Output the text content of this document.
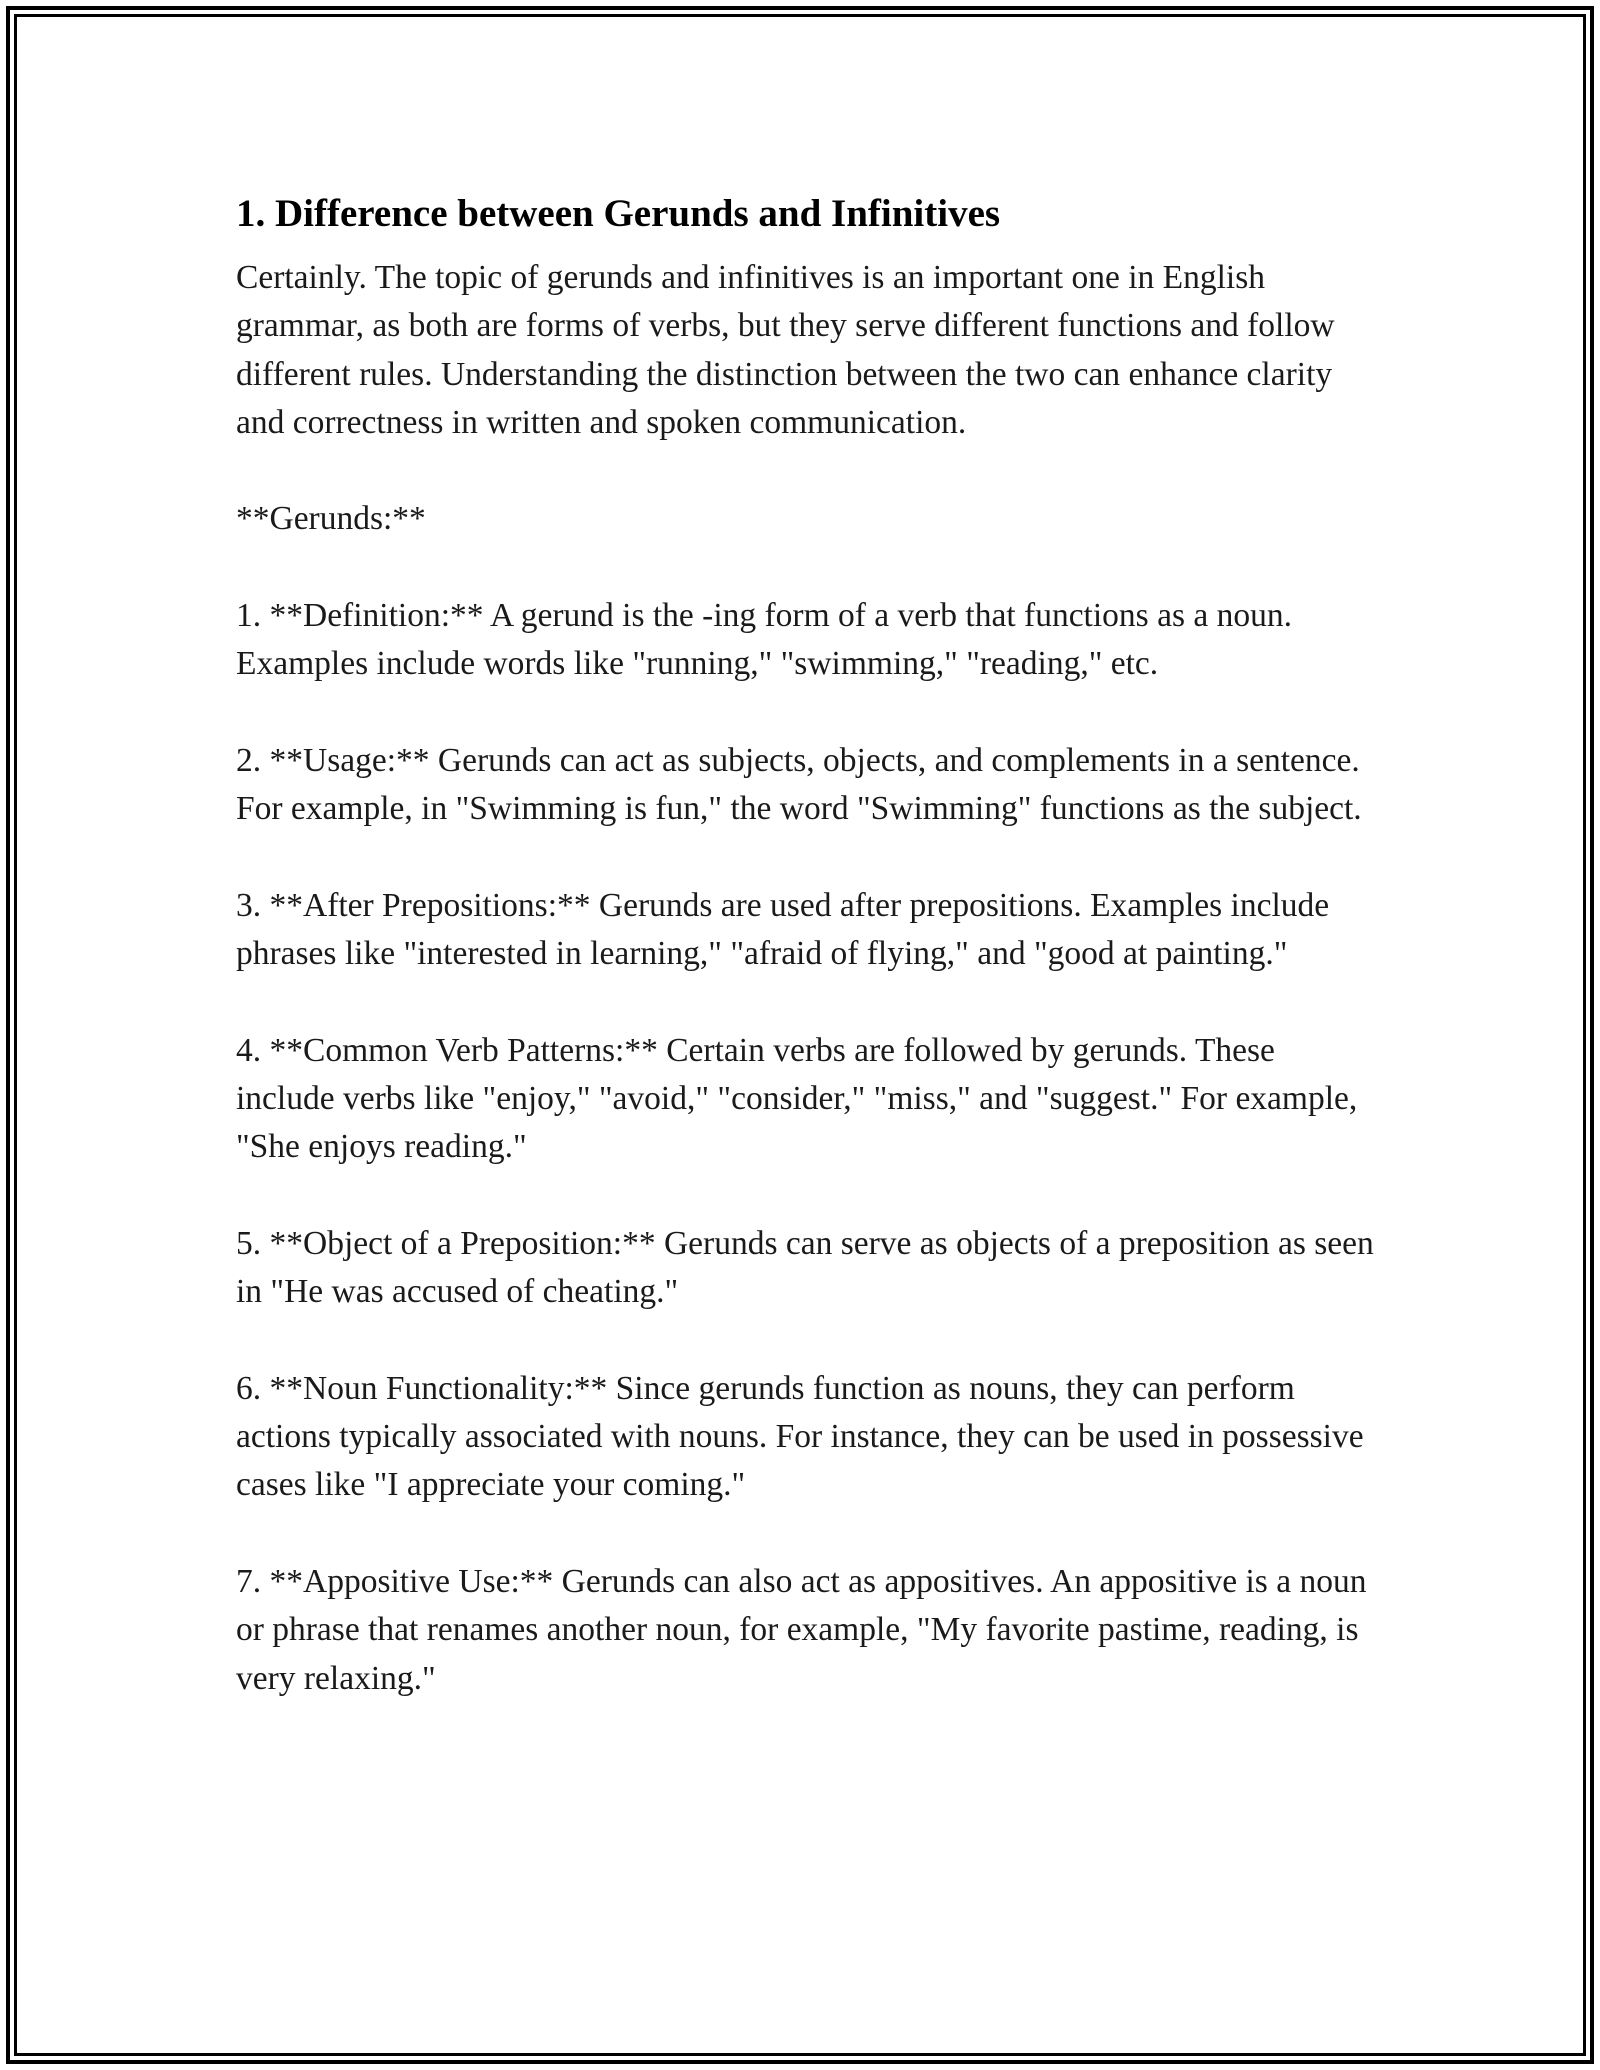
1. Difference between Gerunds and Infinitives

Certainly. The topic of gerunds and infinitives is an important one in English grammar, as both are forms of verbs, but they serve different functions and follow different rules. Understanding the distinction between the two can enhance clarity and correctness in written and spoken communication.

**Gerunds:**

1. **Definition:** A gerund is the -ing form of a verb that functions as a noun. Examples include words like "running," "swimming," "reading," etc.

2. **Usage:** Gerunds can act as subjects, objects, and complements in a sentence. For example, in "Swimming is fun," the word "Swimming" functions as the subject.

3. **After Prepositions:** Gerunds are used after prepositions. Examples include phrases like "interested in learning," "afraid of flying," and "good at painting."

4. **Common Verb Patterns:** Certain verbs are followed by gerunds. These include verbs like "enjoy," "avoid," "consider," "miss," and "suggest." For example, "She enjoys reading."

5. **Object of a Preposition:** Gerunds can serve as objects of a preposition as seen in "He was accused of cheating."

6. **Noun Functionality:** Since gerunds function as nouns, they can perform actions typically associated with nouns. For instance, they can be used in possessive cases like "I appreciate your coming."

7. **Appositive Use:** Gerunds can also act as appositives. An appositive is a noun or phrase that renames another noun, for example, "My favorite pastime, reading, is very relaxing."
